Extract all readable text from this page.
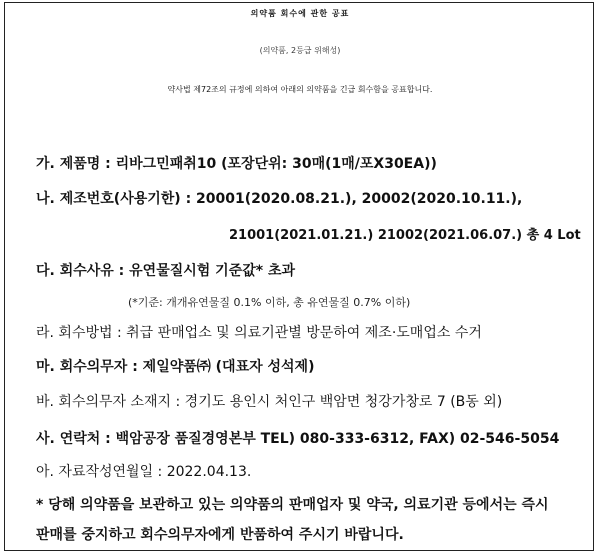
의약품 회수에 관한 공표
(의약품, 2등급 위해성)
약사법 제72조의 규정에 의하여 아래의 의약품을 긴급 회수함을 공표합니다.
가. 제품명 : 리바그민패취10 (포장단위: 30매(1매/포X30EA))
나. 제조번호(사용기한) : 20001(2020.08.21.), 20002(2020.10.11.),
21001(2021.01.21.) 21002(2021.06.07.) 총 4 Lot
다. 회수사유 : 유연물질시험 기준값* 초과
(*기준: 개개유연물질 0.1% 이하, 총 유연물질 0.7% 이하)
라. 회수방법 : 취급 판매업소 및 의료기관별 방문하여 제조·도매업소 수거
마. 회수의무자 : 제일약품㈜ (대표자 성석제)
바. 회수의무자 소재지 : 경기도 용인시 처인구 백암면 청강가창로 7 (B동 외)
사. 연락처 : 백암공장 품질경영본부 TEL) 080-333-6312, FAX) 02-546-5054
아. 자료작성연월일 : 2022.04.13.
* 당해 의약품을 보관하고 있는 의약품의 판매업자 및 약국, 의료기관 등에서는 즉시
판매를 중지하고 회수의무자에게 반품하여 주시기 바랍니다.
